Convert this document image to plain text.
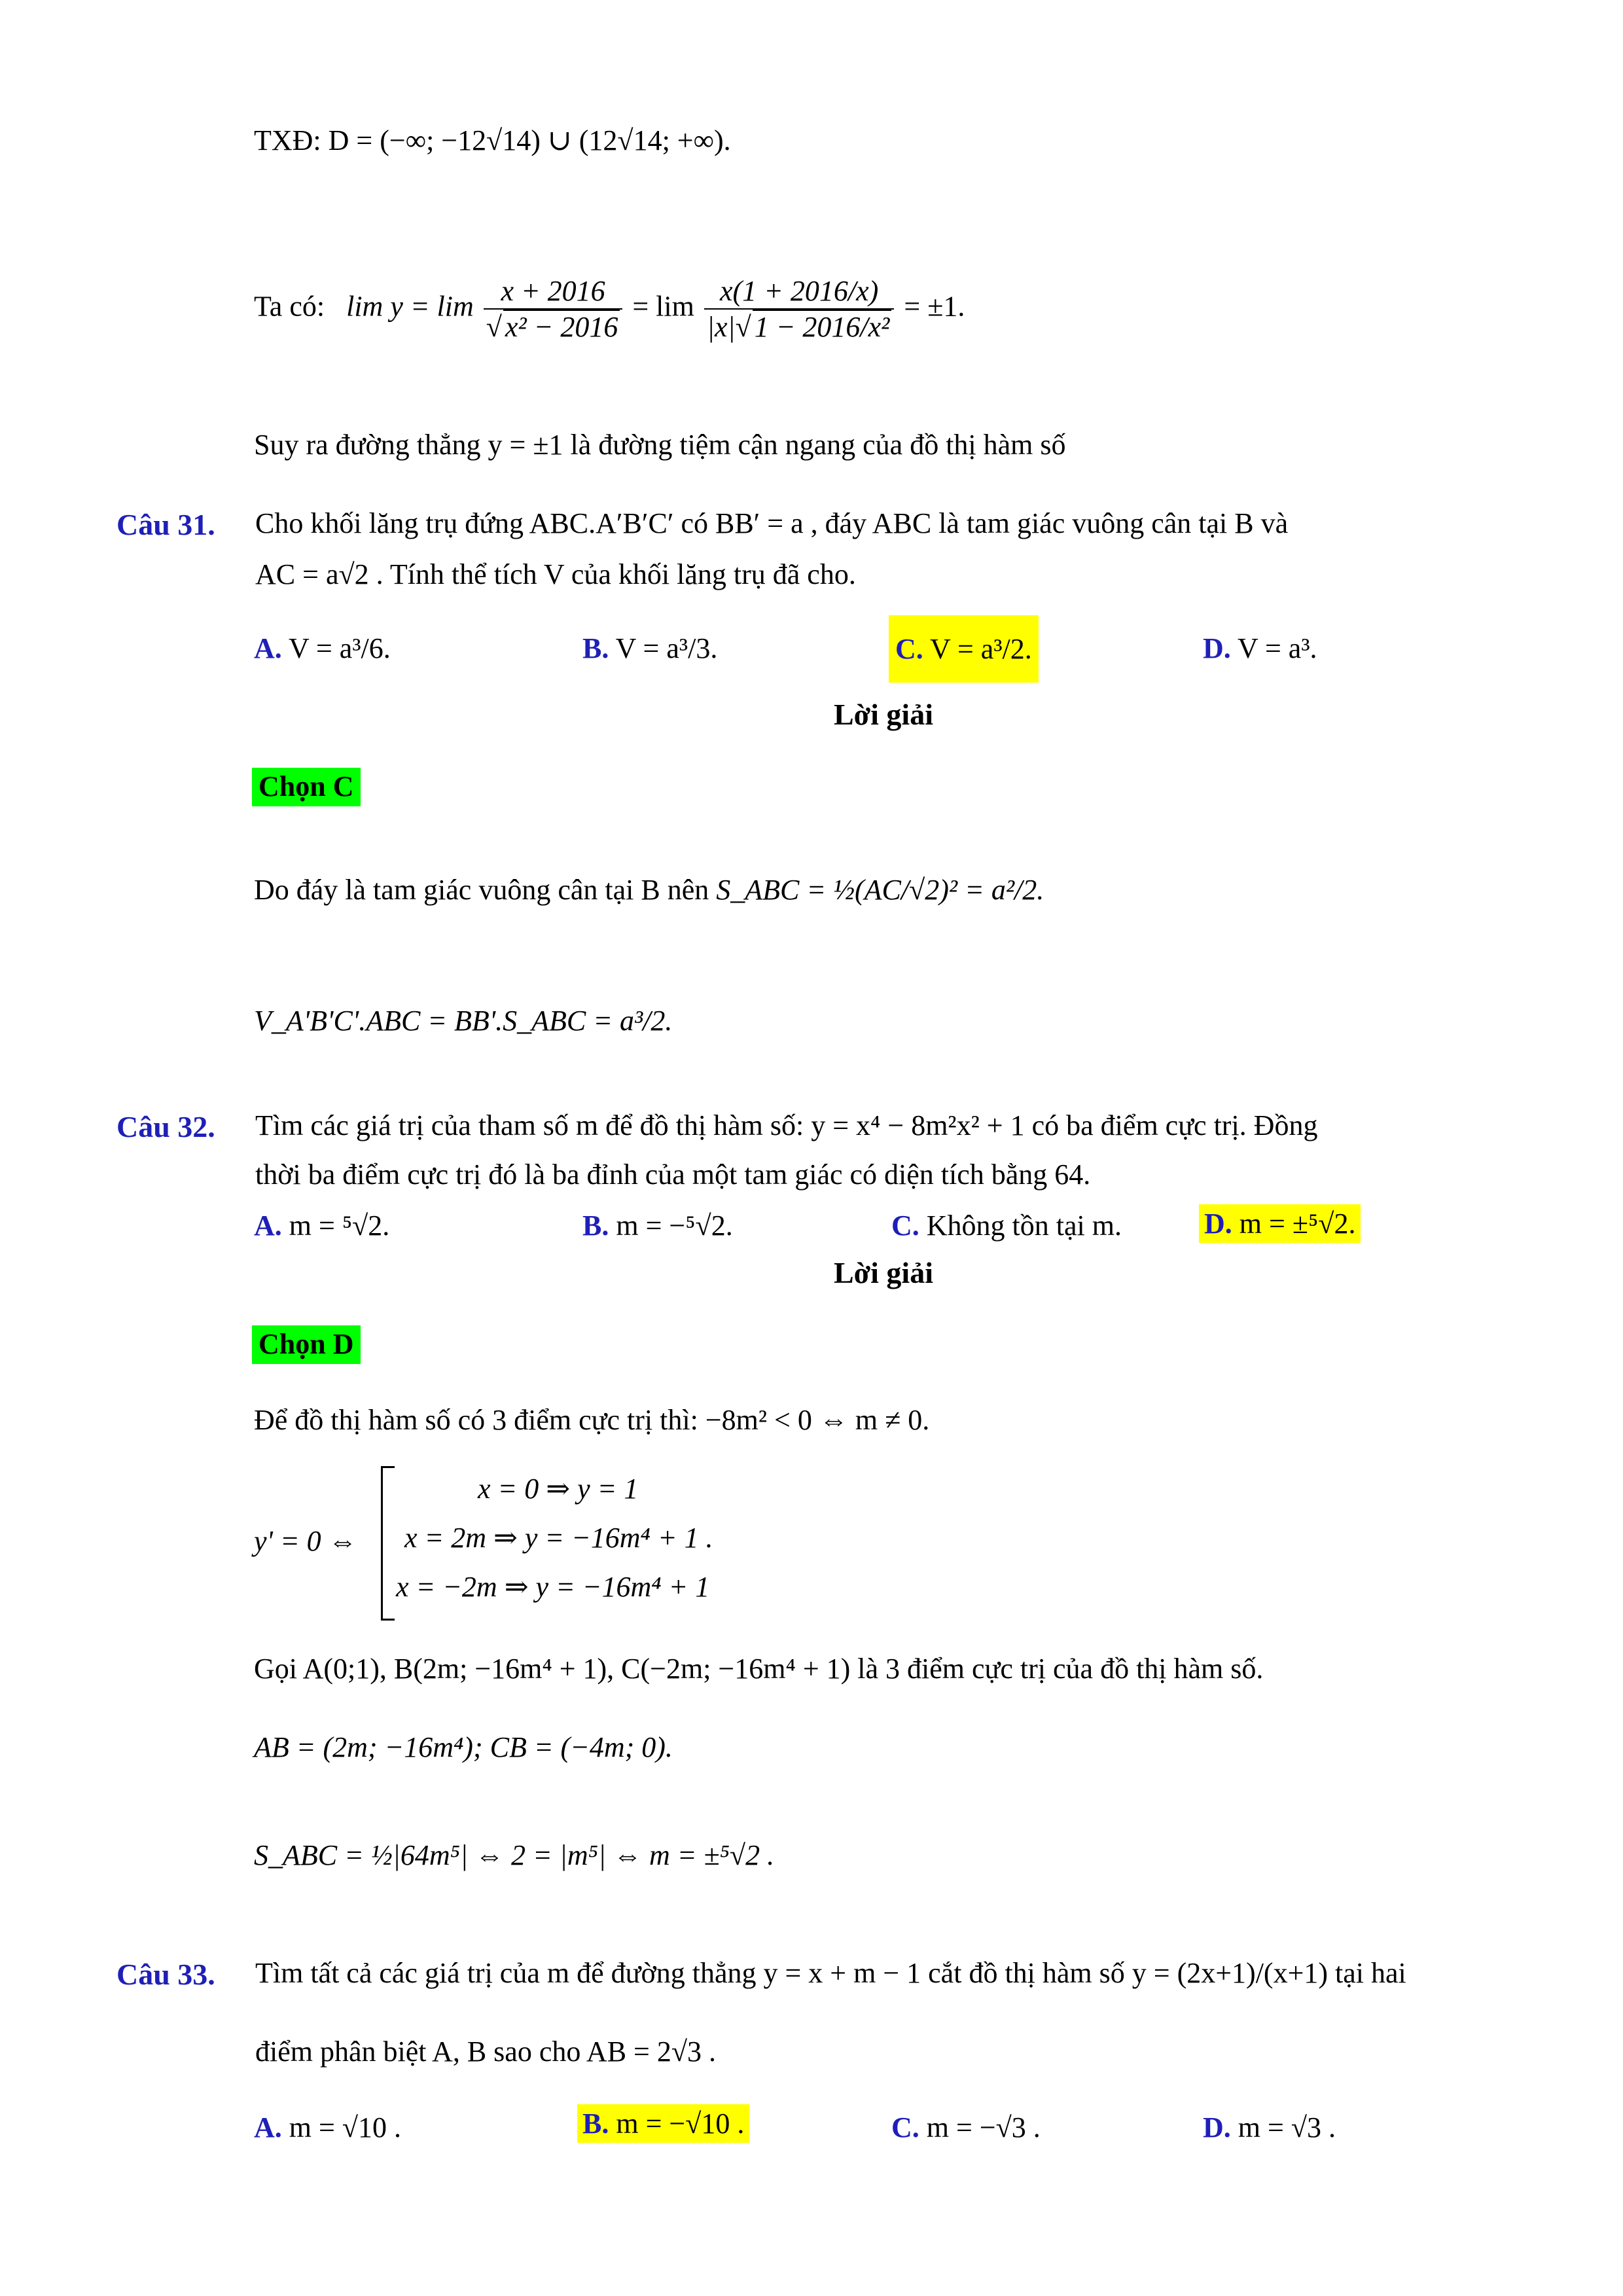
TXĐ: D = (−∞; −12√14) ∪ (12√14; +∞).
Ta có:   lim y = lim x + 2016
√ $x^2 - 2016 = \lim \frac{x(1 + 2016/x)}{\text{|x|√ 1 − 2016/x²}} = \pm 1$.
Suy ra đường thẳng y = ±1 là đường tiệm cận ngang của đồ thị hàm số
Câu 31. Cho khối lăng trụ đứng ABC.A′B′C′ có BB′ = a , đáy ABC là tam giác vuông cân tại B và
AC = a√2 . Tính thể tích V của khối lăng trụ đã cho.
A. V = a³/6.	B. V = a³/3.	C. V = a³/2.	D. V = a³.
Lời giải
Chọn C
Do đáy là tam giác vuông cân tại B nên S_ABC = ½(AC/√2)² = a²/2.
V_A'B'C'.ABC = BB'.S_ABC = a³/2.
Câu 32. Tìm các giá trị của tham số m để đồ thị hàm số: y = x⁴ − 8m²x² + 1 có ba điểm cực trị. Đồng
thời ba điểm cực trị đó là ba đỉnh của một tam giác có diện tích bằng 64.
A. m = ⁵√2.	B. m = −⁵√2.	C. Không tồn tại m.	D. m = ±⁵√2.
Lời giải
Chọn D
Để đồ thị hàm số có 3 điểm cực trị thì: −8m² < 0 ⇔ m ≠ 0.
y' = 0 ⇔
x = 0 ⇒ y = 1
x = 2m ⇒ y = −16m⁴ + 1 .
x = −2m ⇒ y = −16m⁴ + 1
Gọi A(0;1), B(2m; −16m⁴ + 1), C(−2m; −16m⁴ + 1) là 3 điểm cực trị của đồ thị hàm số.
AB = (2m; −16m⁴); CB = (−4m; 0).
S_ABC = ½|64m⁵| ⇔ 2 = |m⁵| ⇔ m = ±⁵√2 .
Câu 33. Tìm tất cả các giá trị của m để đường thẳng y = x + m − 1 cắt đồ thị hàm số y = (2x+1)/(x+1) tại hai
điểm phân biệt A, B sao cho AB = 2√3 .
A. m = √10 .	B. m = −√10 .	C. m = −√3 .	D. m = √3 .
